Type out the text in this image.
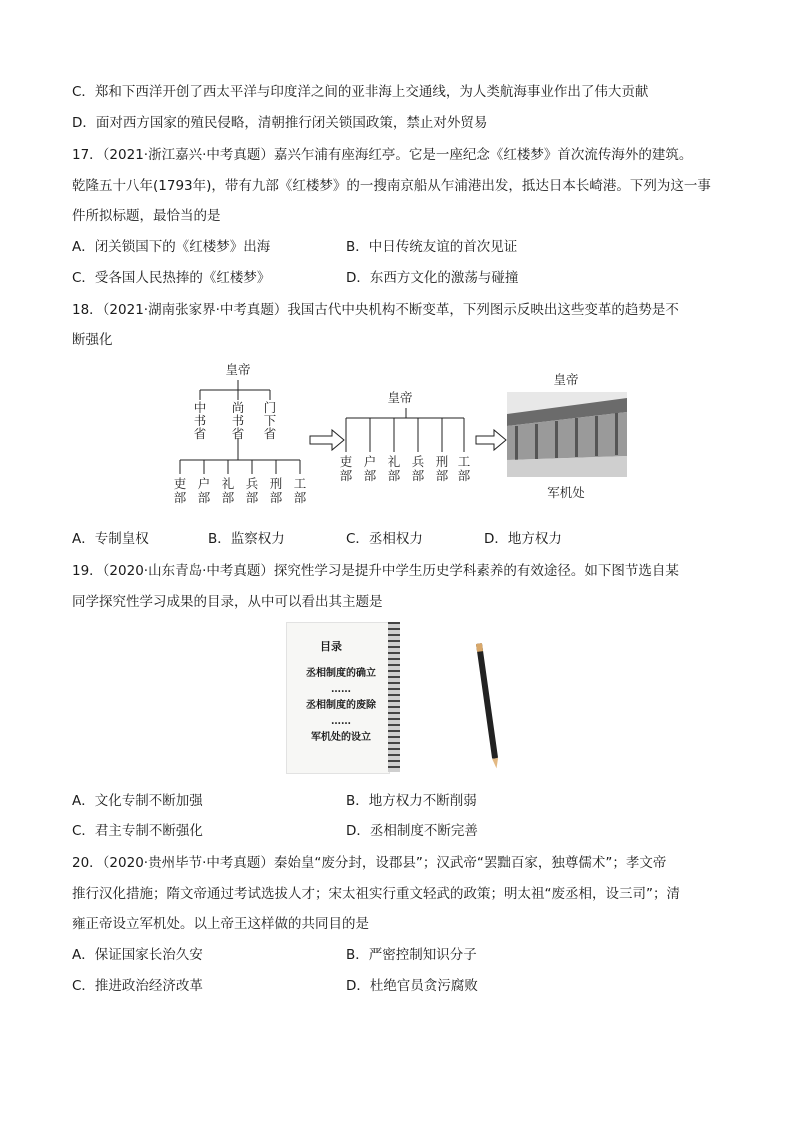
C．郑和下西洋开创了西太平洋与印度洋之间的亚非海上交通线，为人类航海事业作出了伟大贡献
D．面对西方国家的殖民侵略，清朝推行闭关锁国政策，禁止对外贸易
17．（2021·浙江嘉兴·中考真题）嘉兴乍浦有座海红亭。它是一座纪念《红楼梦》首次流传海外的建筑。
乾隆五十八年(1793年)，带有九部《红楼梦》的一搜南京船从乍浦港出发，抵达日本长崎港。下列为这一事
件所拟标题，最恰当的是
A．闭关锁国下的《红楼梦》出海	B．中日传统友谊的首次见证
C．受各国人民热捧的《红楼梦》	D．东西方文化的激荡与碰撞
18．（2021·湖南张家界·中考真题）我国古代中央机构不断变革，下列图示反映出这些变革的趋势是不
断强化
皇帝
皇帝
皇帝
中书省
尚书省
门下省
吏部
户部
礼部
兵部
刑部
工部
吏部
户部
礼部
兵部
刑部
工部
军机处
A．专制皇权	B．监察权力	C．丞相权力	D．地方权力
19．（2020·山东青岛·中考真题）探究性学习是提升中学生历史学科素养的有效途径。如下图节选自某
同学探究性学习成果的目录，从中可以看出其主题是
目录
丞相制度的确立
……
丞相制度的废除
……
军机处的设立
A．文化专制不断加强	B．地方权力不断削弱
C．君主专制不断强化	D．丞相制度不断完善
20．（2020·贵州毕节·中考真题）秦始皇“废分封，设郡县”；汉武帝“罢黜百家，独尊儒术”；孝文帝
推行汉化措施；隋文帝通过考试选拔人才；宋太祖实行重文轻武的政策；明太祖“废丞相，设三司”；清
雍正帝设立军机处。以上帝王这样做的共同目的是
A．保证国家长治久安	B．严密控制知识分子
C．推进政治经济改革	D．杜绝官员贪污腐败
